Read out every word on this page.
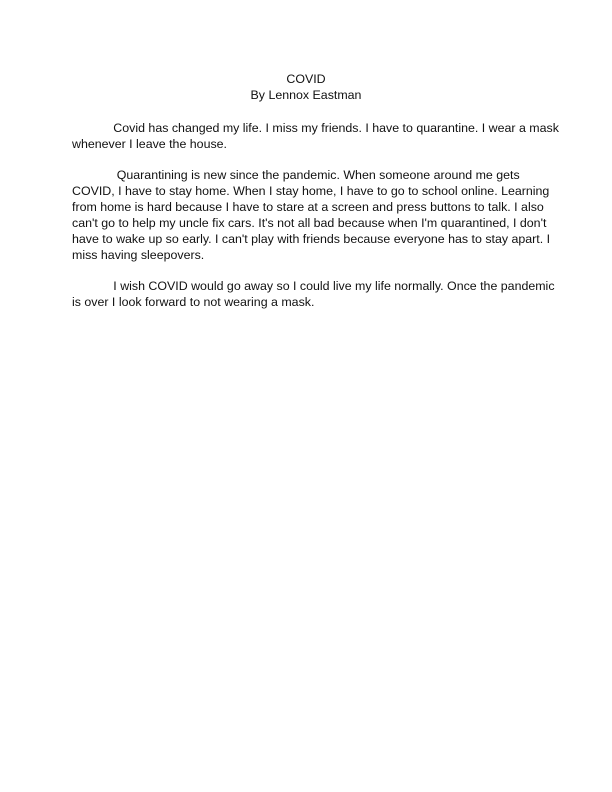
COVID
By Lennox Eastman

Covid has changed my life. I miss my friends. I have to quarantine. I wear a mask
whenever I leave the house.

Quarantining is new since the pandemic. When someone around me gets
COVID, I have to stay home. When I stay home, I have to go to school online. Learning
from home is hard because I have to stare at a screen and press buttons to talk. I also
can't go to help my uncle fix cars. It's not all bad because when I'm quarantined, I don't
have to wake up so early. I can't play with friends because everyone has to stay apart. I
miss having sleepovers.

I wish COVID would go away so I could live my life normally. Once the pandemic
is over I look forward to not wearing a mask.
